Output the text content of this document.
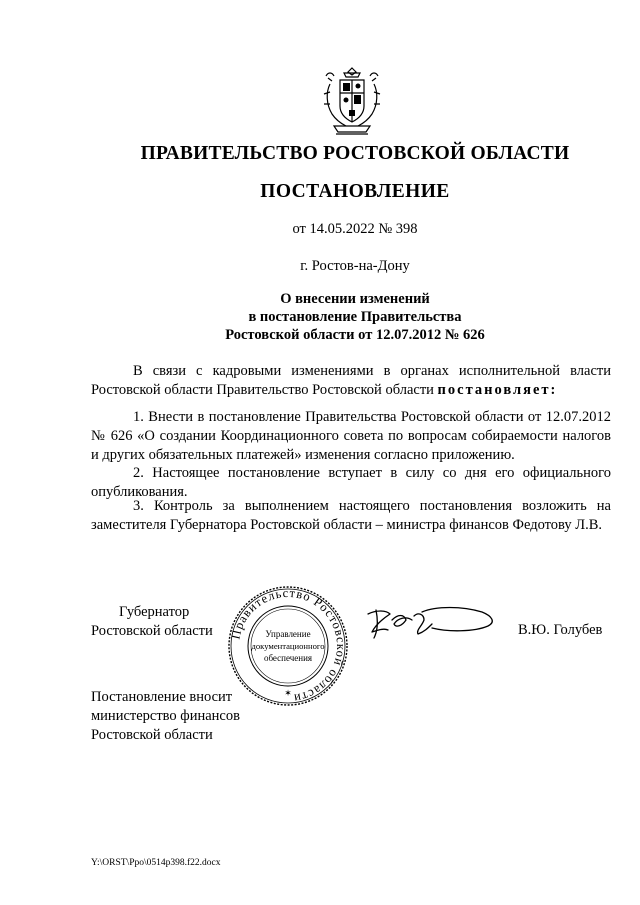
ПРАВИТЕЛЬСТВО РОСТОВСКОЙ ОБЛАСТИ
ПОСТАНОВЛЕНИЕ
от 14.05.2022 № 398
г. Ростов-на-Дону
О внесении изменений
в постановление Правительства
Ростовской области от 12.07.2012 № 626
В связи с кадровыми изменениями в органах исполнительной власти Ростовской области Правительство Ростовской области постановляет:
1. Внести в постановление Правительства Ростовской области от 12.07.2012 № 626 «О создании Координационного совета по вопросам собираемости налогов и других обязательных платежей» изменения согласно приложению.
2. Настоящее постановление вступает в силу со дня его официального опубликования.
3. Контроль за выполнением настоящего постановления возложить на заместителя Губернатора Ростовской области – министра финансов Федотову Л.В.
Губернатор
Ростовской области Правительство Ростовской области
Управление
документационного
обеспечения
✶
В.Ю. Голубев
Постановление вносит
министерство финансов
Ростовской области
Y:\ORST\Ppo\0514p398.f22.docx
